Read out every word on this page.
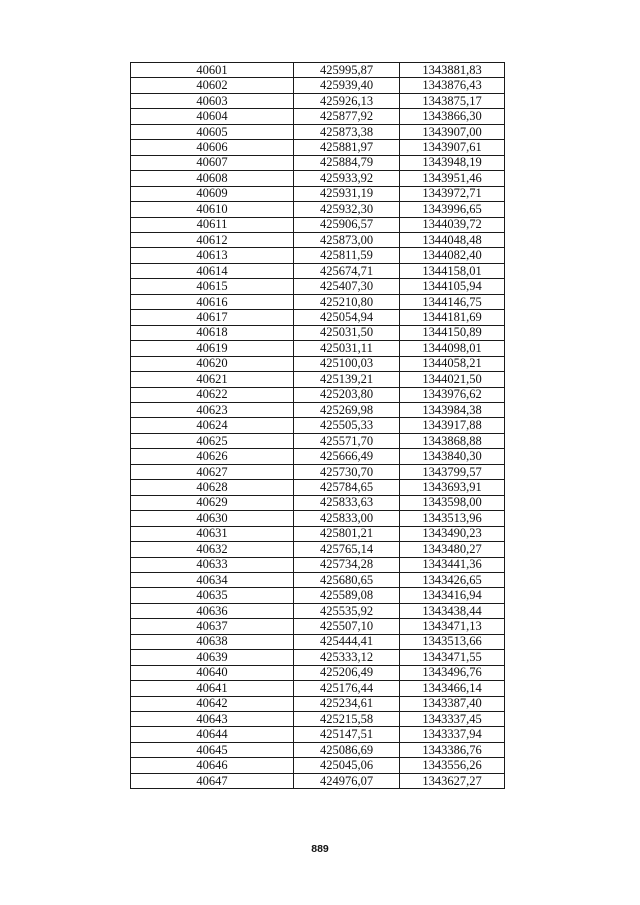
40601	425995,87	1343881,83
40602	425939,40	1343876,43
40603	425926,13	1343875,17
40604	425877,92	1343866,30
40605	425873,38	1343907,00
40606	425881,97	1343907,61
40607	425884,79	1343948,19
40608	425933,92	1343951,46
40609	425931,19	1343972,71
40610	425932,30	1343996,65
40611	425906,57	1344039,72
40612	425873,00	1344048,48
40613	425811,59	1344082,40
40614	425674,71	1344158,01
40615	425407,30	1344105,94
40616	425210,80	1344146,75
40617	425054,94	1344181,69
40618	425031,50	1344150,89
40619	425031,11	1344098,01
40620	425100,03	1344058,21
40621	425139,21	1344021,50
40622	425203,80	1343976,62
40623	425269,98	1343984,38
40624	425505,33	1343917,88
40625	425571,70	1343868,88
40626	425666,49	1343840,30
40627	425730,70	1343799,57
40628	425784,65	1343693,91
40629	425833,63	1343598,00
40630	425833,00	1343513,96
40631	425801,21	1343490,23
40632	425765,14	1343480,27
40633	425734,28	1343441,36
40634	425680,65	1343426,65
40635	425589,08	1343416,94
40636	425535,92	1343438,44
40637	425507,10	1343471,13
40638	425444,41	1343513,66
40639	425333,12	1343471,55
40640	425206,49	1343496,76
40641	425176,44	1343466,14
40642	425234,61	1343387,40
40643	425215,58	1343337,45
40644	425147,51	1343337,94
40645	425086,69	1343386,76
40646	425045,06	1343556,26
40647	424976,07	1343627,27
889
